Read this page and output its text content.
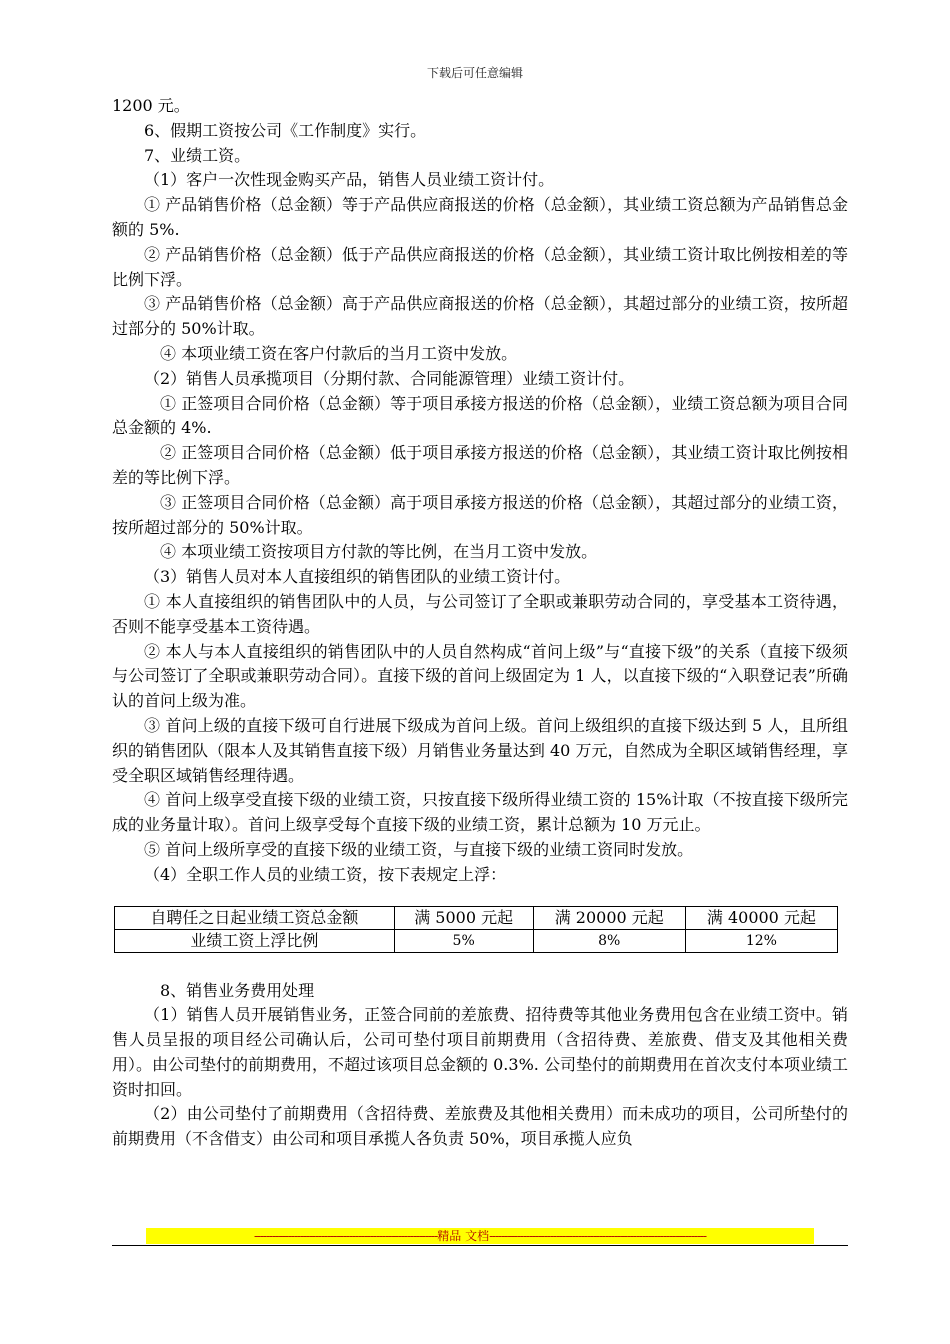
下载后可任意编辑

1200 元。

6、假期工资按公司《工作制度》实行。

7、业绩工资。

（1）客户一次性现金购买产品，销售人员业绩工资计付。

① 产品销售价格（总金额）等于产品供应商报送的价格（总金额），其业绩工资总额为产品销售总金额的 5%.

② 产品销售价格（总金额）低于产品供应商报送的价格（总金额），其业绩工资计取比例按相差的等比例下浮。

③ 产品销售价格（总金额）高于产品供应商报送的价格（总金额），其超过部分的业绩工资，按所超过部分的 50%计取。

④ 本项业绩工资在客户付款后的当月工资中发放。

（2）销售人员承揽项目（分期付款、合同能源管理）业绩工资计付。

① 正签项目合同价格（总金额）等于项目承接方报送的价格（总金额），业绩工资总额为项目合同总金额的 4%.

② 正签项目合同价格（总金额）低于项目承接方报送的价格（总金额），其业绩工资计取比例按相差的等比例下浮。

③ 正签项目合同价格（总金额）高于项目承接方报送的价格（总金额），其超过部分的业绩工资，按所超过部分的 50%计取。

④ 本项业绩工资按项目方付款的等比例，在当月工资中发放。

（3）销售人员对本人直接组织的销售团队的业绩工资计付。

① 本人直接组织的销售团队中的人员，与公司签订了全职或兼职劳动合同的，享受基本工资待遇，否则不能享受基本工资待遇。

② 本人与本人直接组织的销售团队中的人员自然构成“首问上级”与“直接下级”的关系（直接下级须与公司签订了全职或兼职劳动合同）。直接下级的首问上级固定为 1 人，以直接下级的“入职登记表”所确认的首问上级为准。

③ 首问上级的直接下级可自行进展下级成为首问上级。首问上级组织的直接下级达到 5 人，且所组织的销售团队（限本人及其销售直接下级）月销售业务量达到 40 万元，自然成为全职区域销售经理，享受全职区域销售经理待遇。

④ 首问上级享受直接下级的业绩工资，只按直接下级所得业绩工资的 15%计取（不按直接下级所完成的业务量计取）。首问上级享受每个直接下级的业绩工资，累计总额为 10 万元止。

⑤ 首问上级所享受的直接下级的业绩工资，与直接下级的业绩工资同时发放。

（4）全职工作人员的业绩工资，按下表规定上浮：

自聘任之日起业绩工资总金额	满 5000 元起	满 20000 元起	满 40000 元起
业绩工资上浮比例	5%	8%	12%

8、销售业务费用处理

（1）销售人员开展销售业务，正签合同前的差旅费、招待费等其他业务费用包含在业绩工资中。销售人员呈报的项目经公司确认后，公司可垫付项目前期费用（含招待费、差旅费、借支及其他相关费用）。由公司垫付的前期费用，不超过该项目总金额的 0.3%. 公司垫付的前期费用在首次支付本项业绩工资时扣回。

（2）由公司垫付了前期费用（含招待费、差旅费及其他相关费用）而未成功的项目，公司所垫付的前期费用（不含借支）由公司和项目承揽人各负责 50%，项目承揽人应负

------------------------------------------------------------精品 文档-----------------------------------------------------------------------
